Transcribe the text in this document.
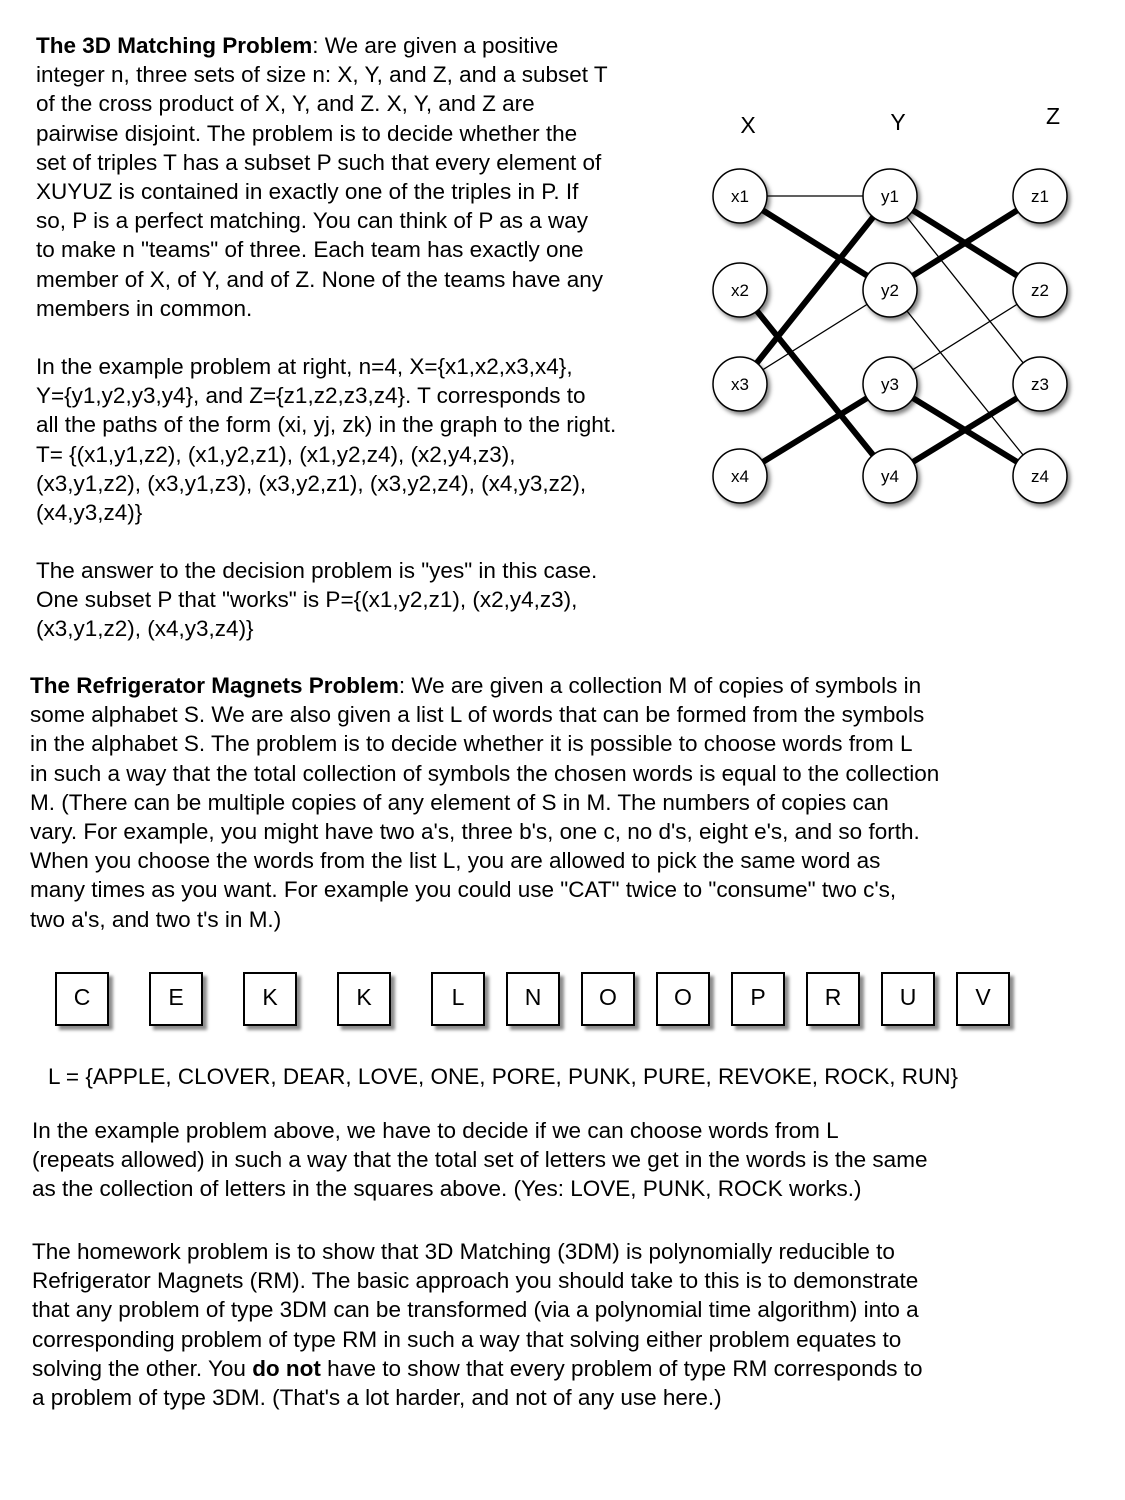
The 3D Matching Problem: We are given a positive
integer n, three sets of size n: X, Y, and Z, and a subset T
of the cross product of X, Y, and Z. X, Y, and Z are
pairwise disjoint. The problem is to decide whether the
set of triples T has a subset P such that every element of
XUYUZ is contained in exactly one of the triples in P. If
so, P is a perfect matching. You can think of P as a way
to make n "teams" of three. Each team has exactly one
member of X, of Y, and of Z. None of the teams have any
members in common.

In the example problem at right, n=4, X={x1,x2,x3,x4},
Y={y1,y2,y3,y4}, and Z={z1,z2,z3,z4}. T corresponds to
all the paths of the form (xi, yj, zk) in the graph to the right.
T= {(x1,y1,z2), (x1,y2,z1), (x1,y2,z4), (x2,y4,z3),
(x3,y1,z2), (x3,y1,z3), (x3,y2,z1), (x3,y2,z4), (x4,y3,z2),
(x4,y3,z4)}

The answer to the decision problem is "yes" in this case.
One subset P that "works" is P={(x1,y2,z1), (x2,y4,z3),
(x3,y1,z2), (x4,y3,z4)}

X	Y	Z
x1
x2
x3
x4
y1
y2
y3
y4
z1
z2
z3
z4

The Refrigerator Magnets Problem: We are given a collection M of copies of symbols in
some alphabet S. We are also given a list L of words that can be formed from the symbols
in the alphabet S. The problem is to decide whether it is possible to choose words from L
in such a way that the total collection of symbols the chosen words is equal to the collection
M. (There can be multiple copies of any element of S in M. The numbers of copies can
vary. For example, you might have two a's, three b's, one c, no d's, eight e's, and so forth.
When you choose the words from the list L, you are allowed to pick the same word as
many times as you want. For example you could use "CAT" twice to "consume" two c's,
two a's, and two t's in M.)

C	E	K	K	L	N	O	O	P	R	U	V

L = {APPLE, CLOVER, DEAR, LOVE, ONE, PORE, PUNK, PURE, REVOKE, ROCK, RUN}

In the example problem above, we have to decide if we can choose words from L
(repeats allowed) in such a way that the total set of letters we get in the words is the same
as the collection of letters in the squares above. (Yes: LOVE, PUNK, ROCK works.)

The homework problem is to show that 3D Matching (3DM) is polynomially reducible to
Refrigerator Magnets (RM). The basic approach you should take to this is to demonstrate
that any problem of type 3DM can be transformed (via a polynomial time algorithm) into a
corresponding problem of type RM in such a way that solving either problem equates to
solving the other. You do not have to show that every problem of type RM corresponds to
a problem of type 3DM. (That's a lot harder, and not of any use here.)
